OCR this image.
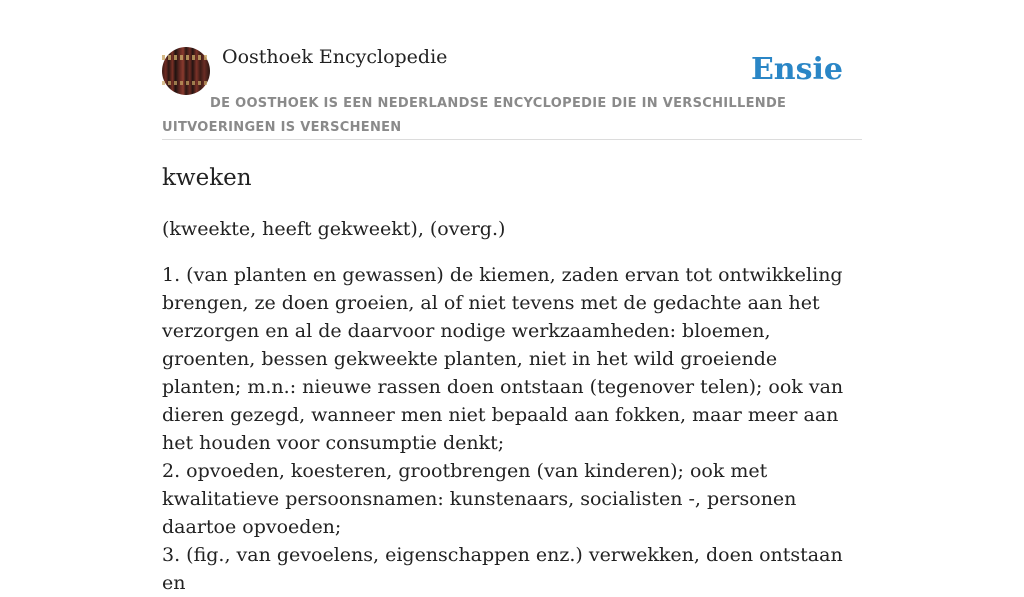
Oosthoek Encyclopedie	Ensie
DE OOSTHOEK IS EEN NEDERLANDSE ENCYCLOPEDIE DIE IN VERSCHILLENDE UITVOERINGEN IS VERSCHENEN
kweken

(kweekte, heeft gekweekt), (overg.)

1. (van planten en gewassen) de kiemen, zaden ervan tot ontwikkeling brengen, ze doen groeien, al of niet tevens met de gedachte aan het verzorgen en al de daarvoor nodige werkzaamheden: bloemen, groenten, bessen gekweekte planten, niet in het wild groeiende planten; m.n.: nieuwe rassen doen ontstaan (tegenover telen); ook van dieren gezegd, wanneer men niet bepaald aan fokken, maar meer aan het houden voor consumptie denkt;
2. opvoeden, koesteren, grootbrengen (van kinderen); ook met kwalitatieve persoonsnamen: kunstenaars, socialisten -, personen daartoe opvoeden;
3. (fig., van gevoelens, eigenschappen enz.) verwekken, doen ontstaan en
